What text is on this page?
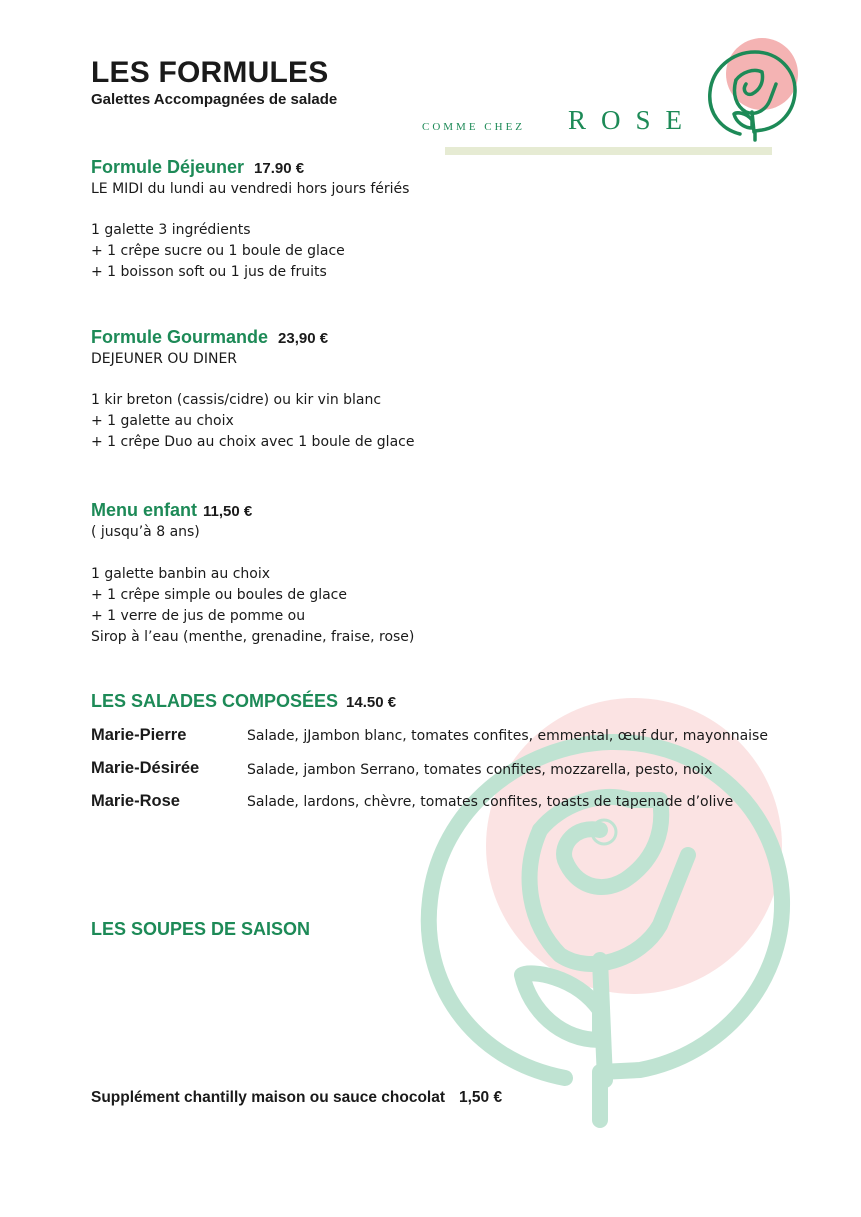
LES FORMULES
Galettes Accompagnées de salade
COMME CHEZ ROSE
Formule Déjeuner 17.90 €
LE MIDI du lundi au vendredi hors jours fériés
1 galette 3 ingrédients
+ 1 crêpe sucre ou 1 boule de glace
+ 1 boisson soft ou 1 jus de fruits
Formule Gourmande 23,90 €
DEJEUNER OU DINER
1 kir breton (cassis/cidre) ou kir vin blanc
+ 1 galette au choix
+ 1 crêpe Duo au choix avec 1 boule de glace
Menu enfant 11,50 €
( jusqu’à 8 ans)
1 galette banbin au choix
+ 1 crêpe simple ou boules de glace
+ 1 verre de jus de pomme ou
Sirop à l’eau (menthe, grenadine, fraise, rose)
LES SALADES COMPOSÉES 14.50 €
Marie-Pierre	Salade, jJambon blanc, tomates confites, emmental, œuf dur, mayonnaise
Marie-Désirée	Salade, jambon Serrano, tomates confites, mozzarella, pesto, noix
Marie-Rose	Salade, lardons, chèvre, tomates confites, toasts de tapenade d’olive
LES SOUPES DE SAISON
Supplément chantilly maison ou sauce chocolat 1,50 €
